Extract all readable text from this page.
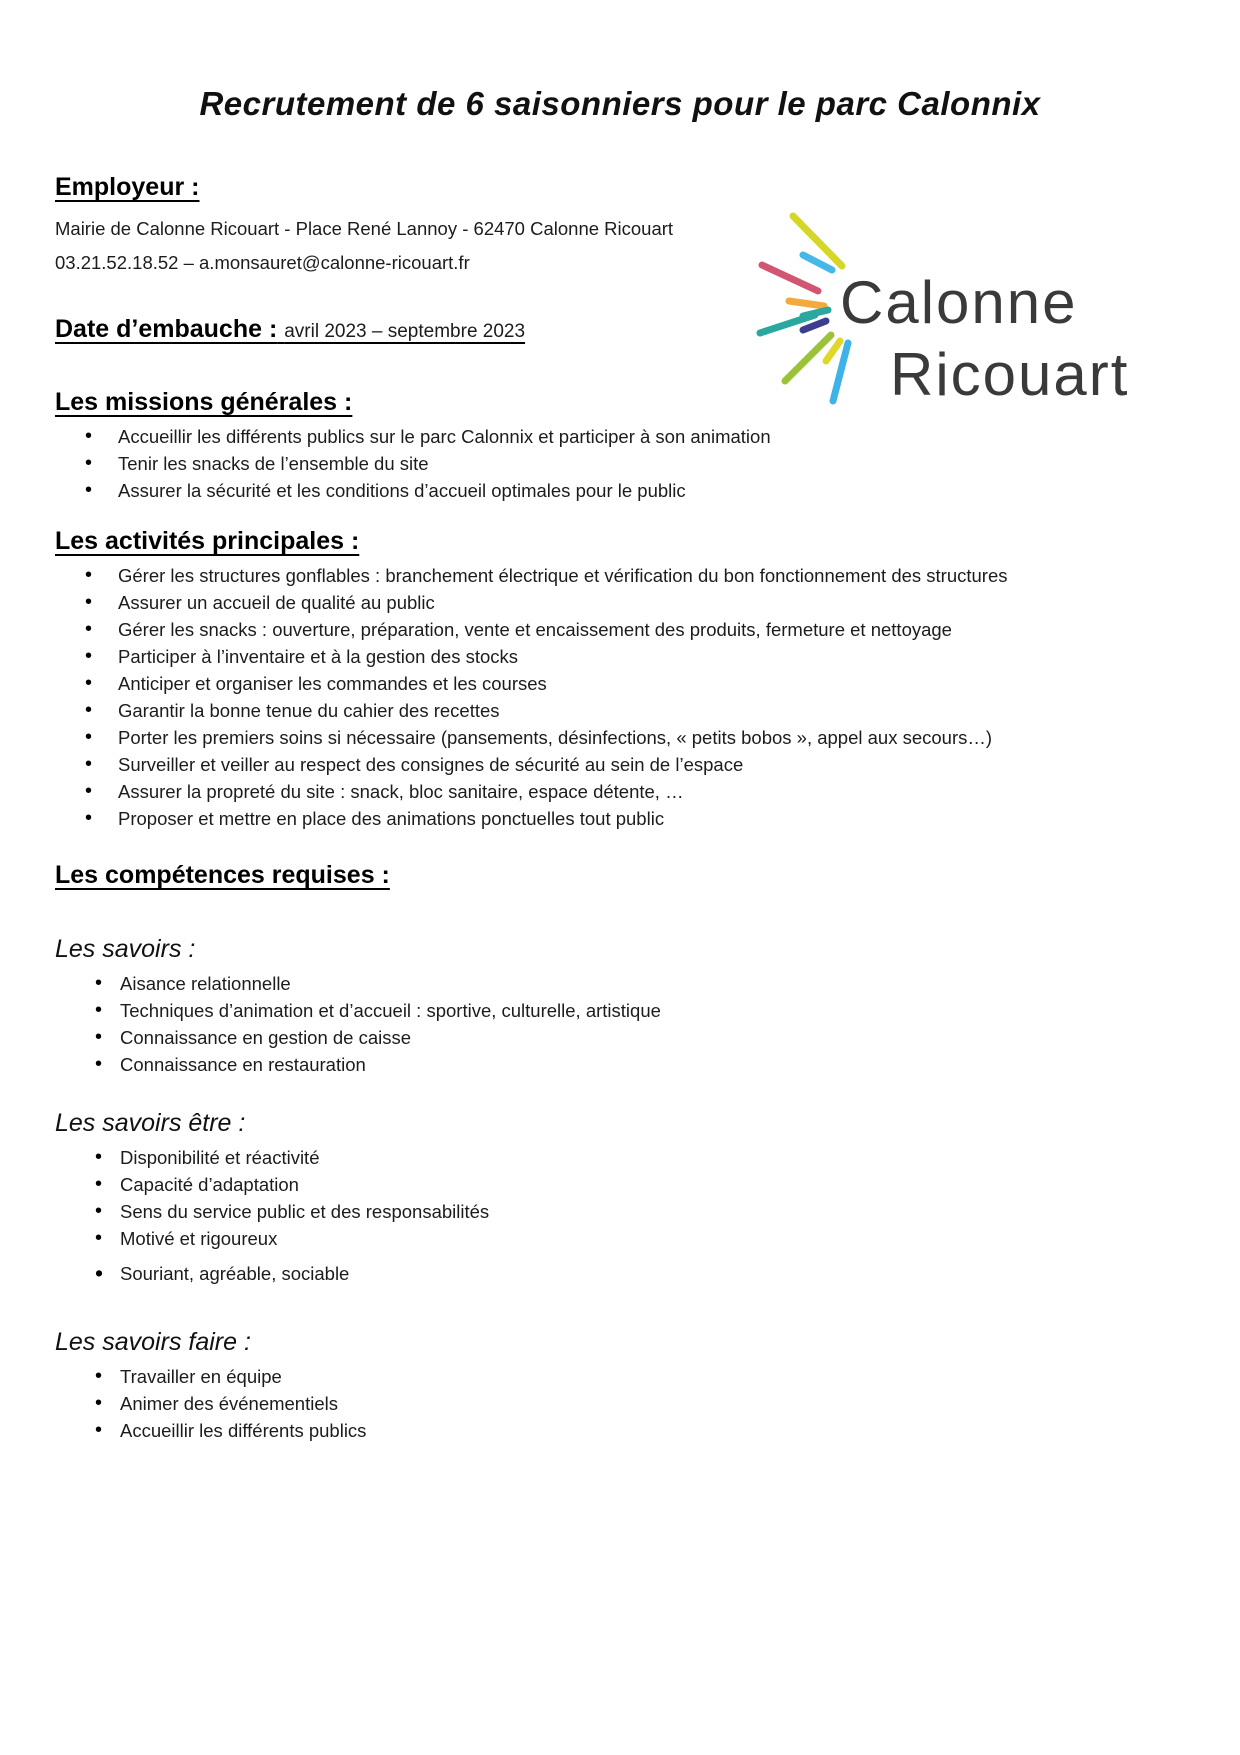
Recrutement de 6 saisonniers pour le parc Calonnix
Calonne
Ricouart
Employeur :

Mairie de Calonne Ricouart - Place René Lannoy - 62470 Calonne Ricouart

03.21.52.18.52 – a.monsauret@calonne-ricouart.fr

Date d’embauche : avril 2023 – septembre 2023
Les missions générales :
• Accueillir les différents publics sur le parc Calonnix et participer à son animation
• Tenir les snacks de l’ensemble du site
• Assurer la sécurité et les conditions d’accueil optimales pour le public
Les activités principales :
• Gérer les structures gonflables : branchement électrique et vérification du bon fonctionnement des structures
• Assurer un accueil de qualité au public
• Gérer les snacks : ouverture, préparation, vente et encaissement des produits, fermeture et nettoyage
• Participer à l’inventaire et à la gestion des stocks
• Anticiper et organiser les commandes et les courses
• Garantir la bonne tenue du cahier des recettes
• Porter les premiers soins si nécessaire (pansements, désinfections, « petits bobos », appel aux secours…)
• Surveiller et veiller au respect des consignes de sécurité au sein de l’espace
• Assurer la propreté du site : snack, bloc sanitaire, espace détente, …
• Proposer et mettre en place des animations ponctuelles tout public
Les compétences requises :
Les savoirs :
• Aisance relationnelle
• Techniques d’animation et d’accueil : sportive, culturelle, artistique
• Connaissance en gestion de caisse
• Connaissance en restauration
Les savoirs être :
• Disponibilité et réactivité
• Capacité d’adaptation
• Sens du service public et des responsabilités
• Motivé et rigoureux
• Souriant, agréable, sociable
Les savoirs faire :
• Travailler en équipe
• Animer des événementiels
• Accueillir les différents publics
